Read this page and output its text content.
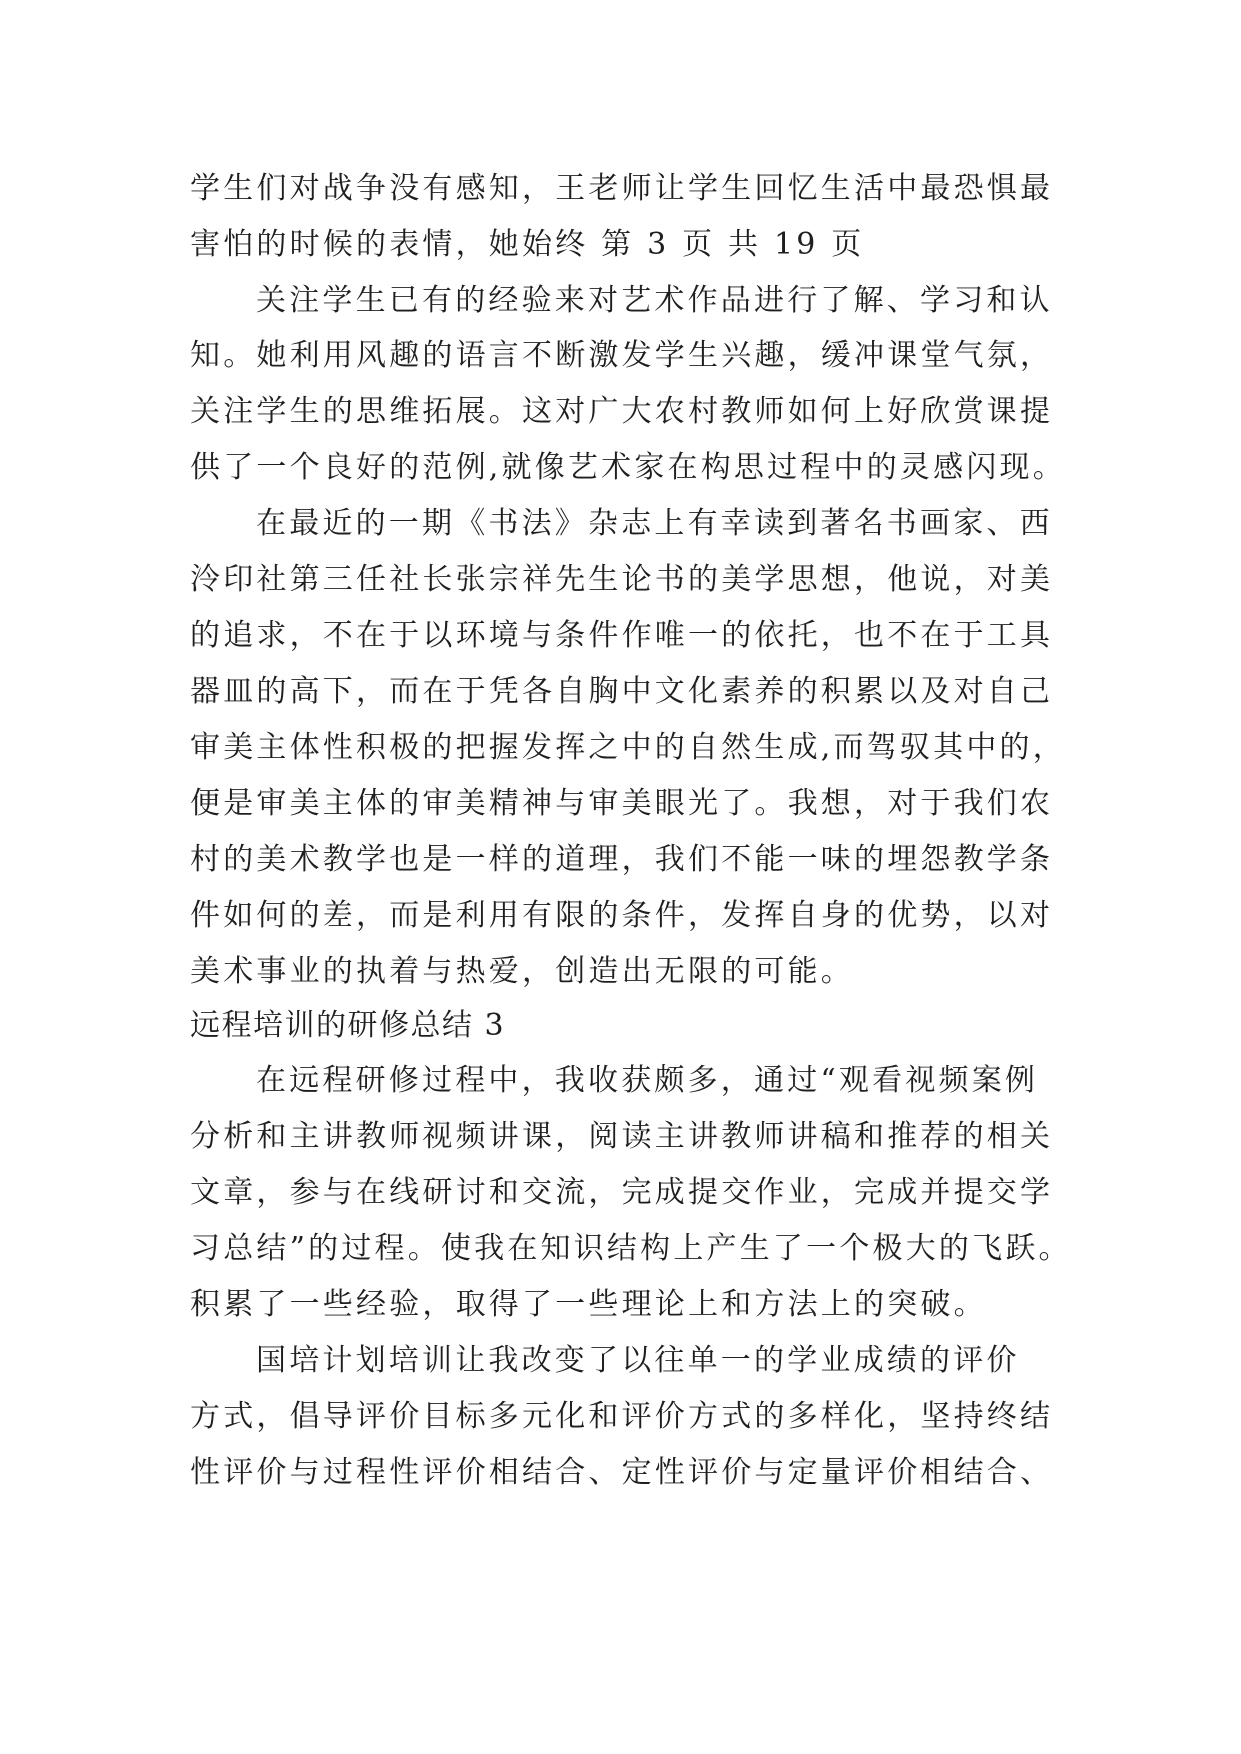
学生们对战争没有感知，王老师让学生回忆生活中最恐惧最
害怕的时候的表情，她始终 第 3 页 共 19 页
关注学生已有的经验来对艺术作品进行了解、学习和认
知。她利用风趣的语言不断激发学生兴趣，缓冲课堂气氛，
关注学生的思维拓展。这对广大农村教师如何上好欣赏课提
供了一个良好的范例,就像艺术家在构思过程中的灵感闪现。
在最近的一期《书法》杂志上有幸读到著名书画家、西
泠印社第三任社长张宗祥先生论书的美学思想，他说，对美
的追求，不在于以环境与条件作唯一的依托，也不在于工具
器皿的高下，而在于凭各自胸中文化素养的积累以及对自己
审美主体性积极的把握发挥之中的自然生成,而驾驭其中的，
便是审美主体的审美精神与审美眼光了。我想，对于我们农
村的美术教学也是一样的道理，我们不能一味的埋怨教学条
件如何的差，而是利用有限的条件，发挥自身的优势，以对
美术事业的执着与热爱，创造出无限的可能。
远程培训的研修总结 3
在远程研修过程中，我收获颇多，通过“观看视频案例
分析和主讲教师视频讲课，阅读主讲教师讲稿和推荐的相关
文章，参与在线研讨和交流，完成提交作业，完成并提交学
习总结”的过程。使我在知识结构上产生了一个极大的飞跃。
积累了一些经验，取得了一些理论上和方法上的突破。
国培计划培训让我改变了以往单一的学业成绩的评价
方式，倡导评价目标多元化和评价方式的多样化，坚持终结
性评价与过程性评价相结合、定性评价与定量评价相结合、
